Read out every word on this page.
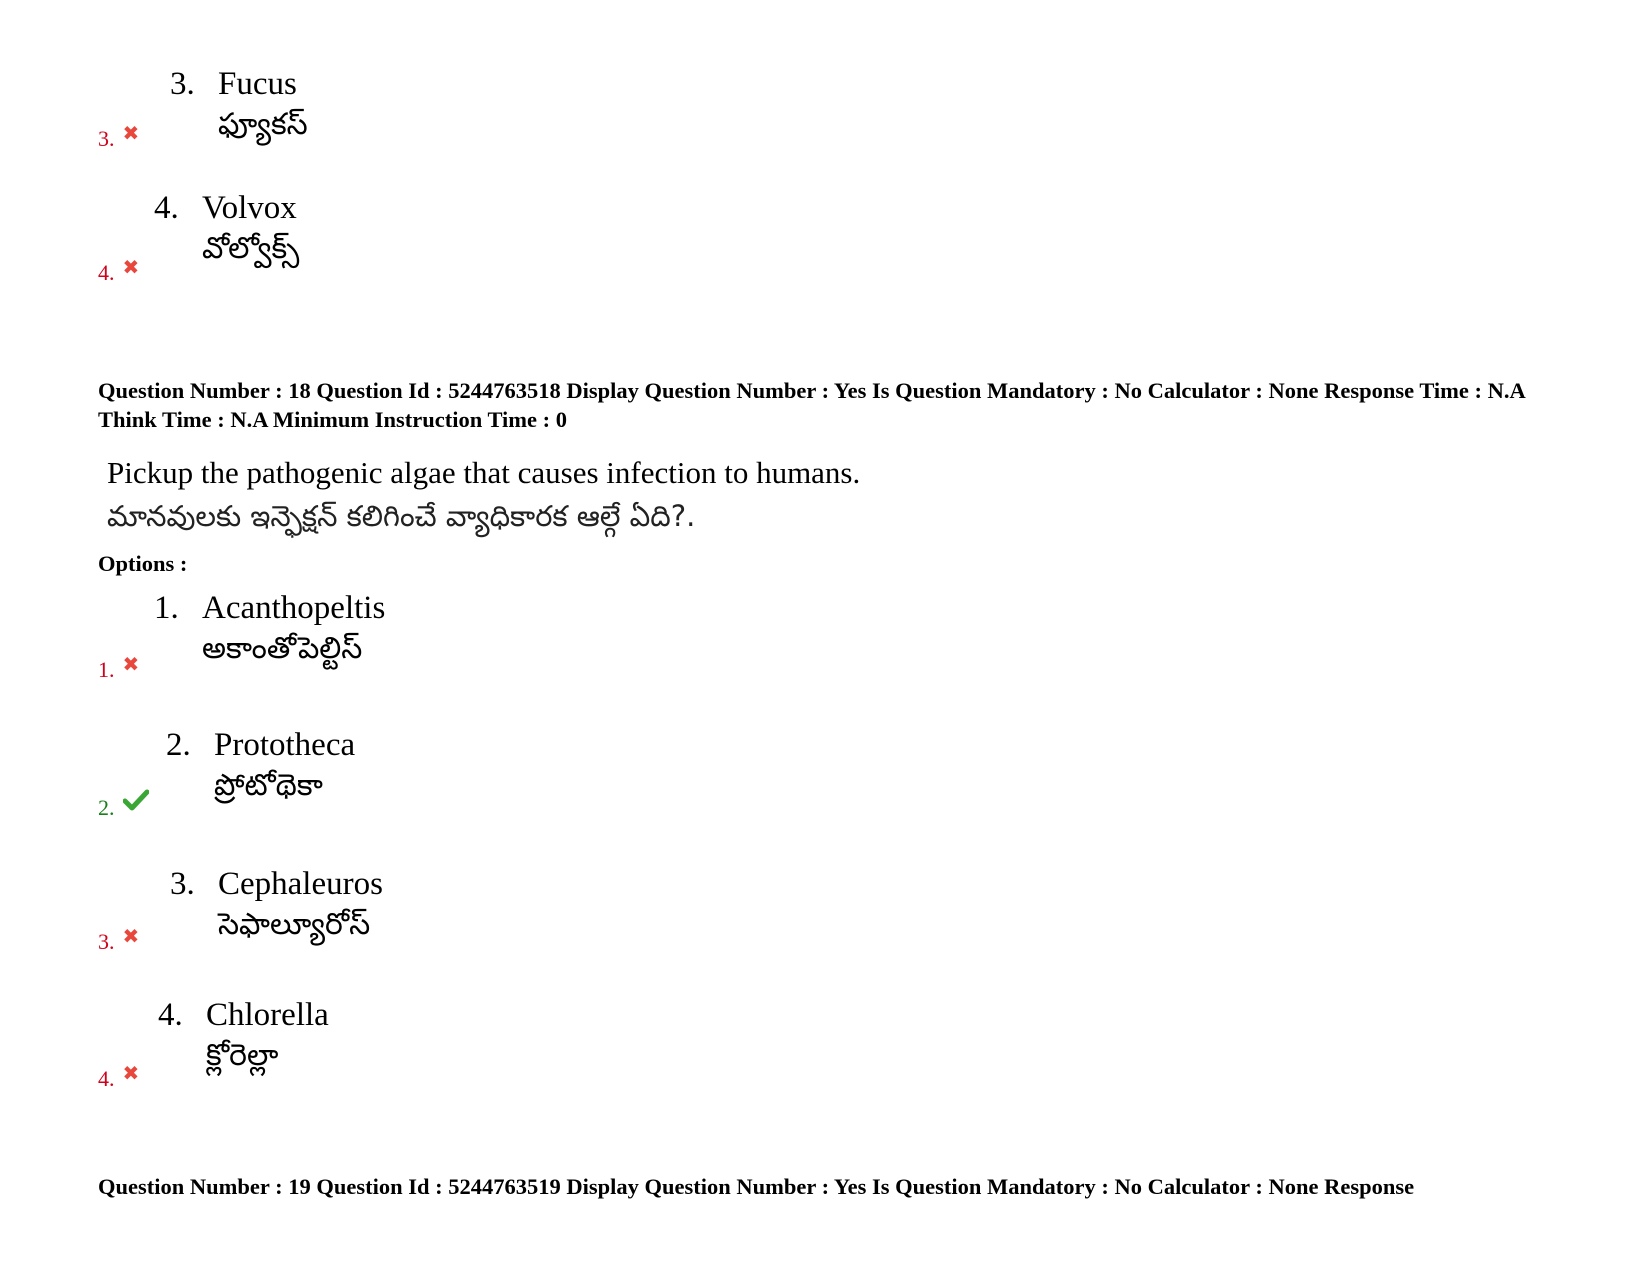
3. Fucus
ఫ్యూకస్
3. ✖
4. Volvox
వోల్వోక్స్
4. ✖
Question Number : 18 Question Id : 5244763518 Display Question Number : Yes Is Question Mandatory : No Calculator : None Response Time : N.A Think Time : N.A Minimum Instruction Time : 0
Pickup the pathogenic algae that causes infection to humans.
మానవులకు ఇన్ఫెక్షన్ కలిగించే వ్యాధికారక ఆల్గే ఏది?.
Options :
1. Acanthopeltis
అకాంతోపెల్టిస్
1. ✖
2. Prototheca
ప్రోటోథెకా
2.
3. Cephaleuros
సెఫాల్యూరోస్
3. ✖
4. Chlorella
క్లోరెల్లా
4. ✖
Question Number : 19 Question Id : 5244763519 Display Question Number : Yes Is Question Mandatory : No Calculator : None Response
